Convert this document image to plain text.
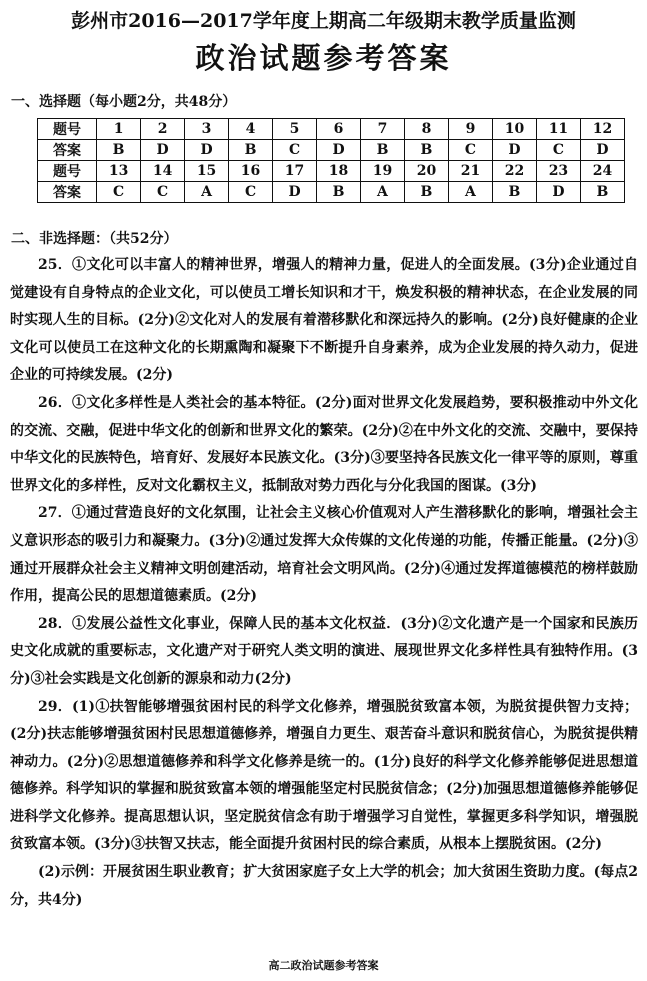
彭州市2016—2017学年度上期高二年级期末教学质量监测
政治试题参考答案
一、选择题（每小题2分，共48分）
题号	1	2	3	4	5	6	7	8	9	10	11	12
答案	B	D	D	B	C	D	B	B	C	D	C	D
题号	13	14	15	16	17	18	19	20	21	22	23	24
答案	C	C	A	C	D	B	A	B	A	B	D	B
二、非选择题：（共52分）

25．①文化可以丰富人的精神世界，增强人的精神力量，促进人的全面发展。(3分)企业通过自觉建设有自身特点的企业文化，可以使员工增长知识和才干，焕发积极的精神状态，在企业发展的同时实现人生的目标。(2分)②文化对人的发展有着潜移默化和深远持久的影响。(2分)良好健康的企业文化可以使员工在这种文化的长期熏陶和凝聚下不断提升自身素养，成为企业发展的持久动力，促进企业的可持续发展。(2分)

26．①文化多样性是人类社会的基本特征。(2分)面对世界文化发展趋势，要积极推动中外文化的交流、交融，促进中华文化的创新和世界文化的繁荣。(2分)②在中外文化的交流、交融中，要保持中华文化的民族特色，培育好、发展好本民族文化。(3分)③要坚持各民族文化一律平等的原则，尊重世界文化的多样性，反对文化霸权主义，抵制敌对势力西化与分化我国的图谋。(3分)

27．①通过营造良好的文化氛围，让社会主义核心价值观对人产生潜移默化的影响，增强社会主义意识形态的吸引力和凝聚力。(3分)②通过发挥大众传媒的文化传递的功能，传播正能量。(2分)③通过开展群众社会主义精神文明创建活动，培育社会文明风尚。(2分)④通过发挥道德模范的榜样鼓励作用，提高公民的思想道德素质。(2分)

28．①发展公益性文化事业，保障人民的基本文化权益．(3分)②文化遗产是一个国家和民族历史文化成就的重要标志，文化遗产对于研究人类文明的演进、展现世界文化多样性具有独特作用。(3分)③社会实践是文化创新的源泉和动力(2分)

29．(1)①扶智能够增强贫困村民的科学文化修养，增强脱贫致富本领，为脱贫提供智力支持；(2分)扶志能够增强贫困村民思想道德修养，增强自力更生、艰苦奋斗意识和脱贫信心，为脱贫提供精神动力。(2分)②思想道德修养和科学文化修养是统一的。(1分)良好的科学文化修养能够促进思想道德修养。科学知识的掌握和脱贫致富本领的增强能坚定村民脱贫信念；(2分)加强思想道德修养能够促进科学文化修养。提高思想认识，坚定脱贫信念有助于增强学习自觉性，掌握更多科学知识，增强脱贫致富本领。(3分)③扶智又扶志，能全面提升贫困村民的综合素质，从根本上摆脱贫困。(2分)

(2)示例：开展贫困生职业教育；扩大贫困家庭子女上大学的机会；加大贫困生资助力度。(每点2分，共4分)

高二政治试题参考答案
